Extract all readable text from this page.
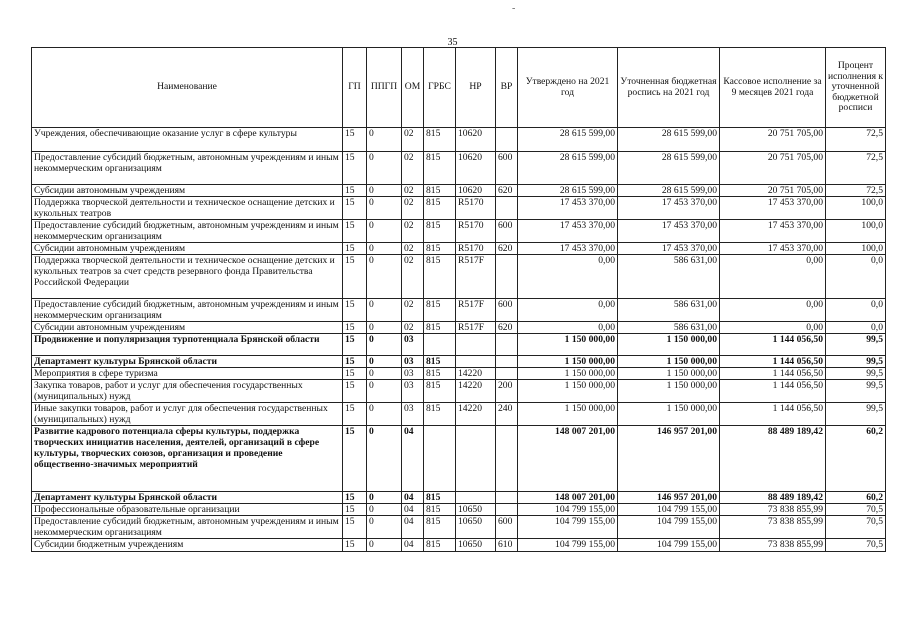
-
35
Наименование	ГП	ППГП	ОМ	ГРБС	НР	ВР	Утверждено на 2021 год	Уточненная бюджетная роспись на 2021 год	Кассовое исполнение за 9 месяцев 2021 года	Процент исполнения к уточненной бюджетной росписи
Учреждения, обеспечивающие оказание услуг в сфере культуры	15	0	02	815	10620		28 615 599,00	28 615 599,00	20 751 705,00	72,5
Предоставление субсидий бюджетным, автономным учреждениям и иным некоммерческим организациям	15	0	02	815	10620	600	28 615 599,00	28 615 599,00	20 751 705,00	72,5
Субсидии автономным учреждениям	15	0	02	815	10620	620	28 615 599,00	28 615 599,00	20 751 705,00	72,5
Поддержка творческой деятельности и техническое оснащение детских и кукольных театров	15	0	02	815	R5170		17 453 370,00	17 453 370,00	17 453 370,00	100,0
Предоставление субсидий бюджетным, автономным учреждениям и иным некоммерческим организациям	15	0	02	815	R5170	600	17 453 370,00	17 453 370,00	17 453 370,00	100,0
Субсидии автономным учреждениям	15	0	02	815	R5170	620	17 453 370,00	17 453 370,00	17 453 370,00	100,0
Поддержка творческой деятельности и техническое оснащение детских и кукольных театров за счет средств резервного фонда Правительства Российской Федерации	15	0	02	815	R517F		0,00	586 631,00	0,00	0,0
Предоставление субсидий бюджетным, автономным учреждениям и иным некоммерческим организациям	15	0	02	815	R517F	600	0,00	586 631,00	0,00	0,0
Субсидии автономным учреждениям	15	0	02	815	R517F	620	0,00	586 631,00	0,00	0,0
Продвижение и популяризация турпотенциала Брянской области	15	0	03				1 150 000,00	1 150 000,00	1 144 056,50	99,5
Департамент культуры Брянской области	15	0	03	815			1 150 000,00	1 150 000,00	1 144 056,50	99,5
Мероприятия в сфере туризма	15	0	03	815	14220		1 150 000,00	1 150 000,00	1 144 056,50	99,5
Закупка товаров, работ и услуг для обеспечения государственных (муниципальных) нужд	15	0	03	815	14220	200	1 150 000,00	1 150 000,00	1 144 056,50	99,5
Иные закупки товаров, работ и услуг для обеспечения государственных (муниципальных) нужд	15	0	03	815	14220	240	1 150 000,00	1 150 000,00	1 144 056,50	99,5
Развитие кадрового потенциала сферы культуры, поддержка творческих инициатив населения, деятелей, организаций в сфере культуры, творческих союзов, организация и проведение общественно-значимых мероприятий	15	0	04				148 007 201,00	146 957 201,00	88 489 189,42	60,2
Департамент культуры Брянской области	15	0	04	815			148 007 201,00	146 957 201,00	88 489 189,42	60,2
Профессиональные образовательные организации	15	0	04	815	10650		104 799 155,00	104 799 155,00	73 838 855,99	70,5
Предоставление субсидий бюджетным, автономным учреждениям и иным некоммерческим организациям	15	0	04	815	10650	600	104 799 155,00	104 799 155,00	73 838 855,99	70,5
Субсидии бюджетным учреждениям	15	0	04	815	10650	610	104 799 155,00	104 799 155,00	73 838 855,99	70,5
